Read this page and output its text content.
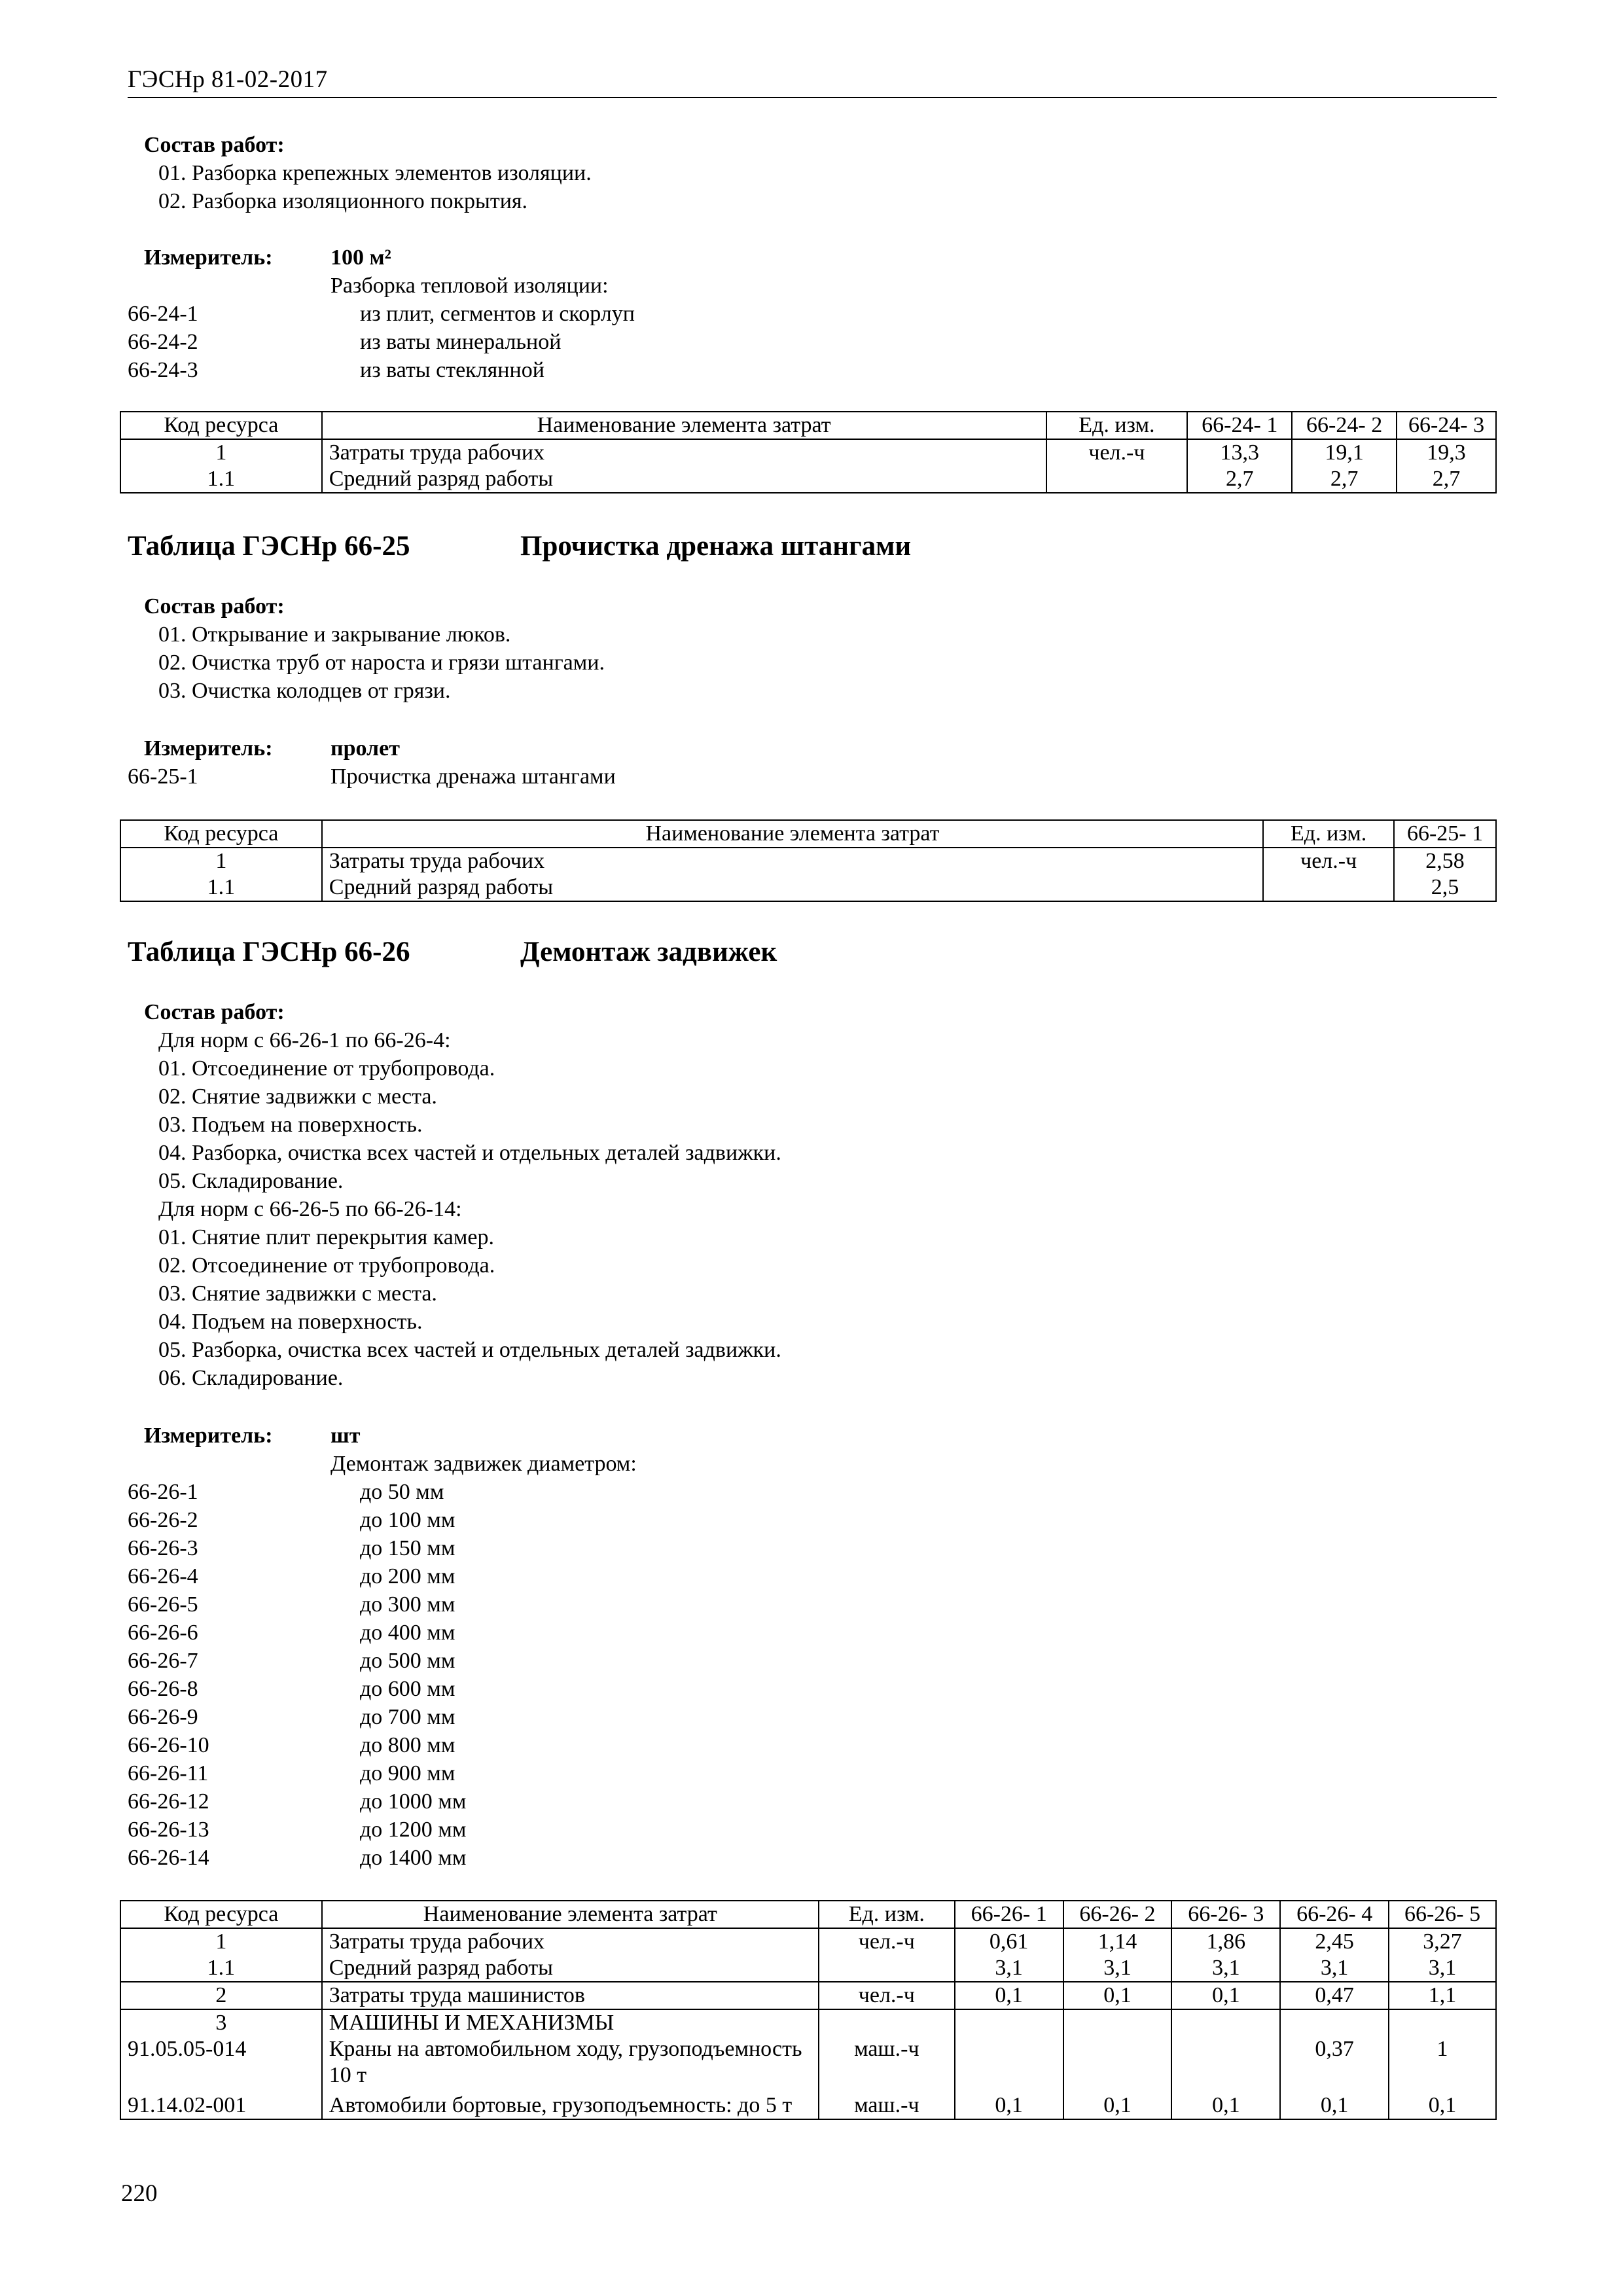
ГЭСНр 81-02-2017
Состав работ:
01. Разборка крепежных элементов изоляции.
02. Разборка изоляционного покрытия.
Измеритель:	100 м²
Разборка тепловой изоляции:
66-24-1	из плит, сегментов и скорлуп
66-24-2	из ваты минеральной
66-24-3	из ваты стеклянной
Код ресурса	Наименование элемента затрат	Ед. изм.	66-24- 1	66-24- 2	66-24- 3
1	Затраты труда рабочих	чел.-ч	13,3	19,1	19,3
1.1	Средний разряд работы		2,7	2,7	2,7
Таблица ГЭСНр 66-25	Прочистка дренажа штангами
Состав работ:
01. Открывание и закрывание люков.
02. Очистка труб от нароста и грязи штангами.
03. Очистка колодцев от грязи.
Измеритель:	пролет
66-25-1	Прочистка дренажа штангами
Код ресурса	Наименование элемента затрат	Ед. изм.	66-25- 1
1	Затраты труда рабочих	чел.-ч	2,58
1.1	Средний разряд работы		2,5
Таблица ГЭСНр 66-26	Демонтаж задвижек
Состав работ:
Для норм с 66-26-1 по 66-26-4:
01. Отсоединение от трубопровода.
02. Снятие задвижки с места.
03. Подъем на поверхность.
04. Разборка, очистка всех частей и отдельных деталей задвижки.
05. Складирование.
Для норм с 66-26-5 по 66-26-14:
01. Снятие плит перекрытия камер.
02. Отсоединение от трубопровода.
03. Снятие задвижки с места.
04. Подъем на поверхность.
05. Разборка, очистка всех частей и отдельных деталей задвижки.
06. Складирование.
Измеритель:	шт
Демонтаж задвижек диаметром:
66-26-1	до 50 мм
66-26-2	до 100 мм
66-26-3	до 150 мм
66-26-4	до 200 мм
66-26-5	до 300 мм
66-26-6	до 400 мм
66-26-7	до 500 мм
66-26-8	до 600 мм
66-26-9	до 700 мм
66-26-10	до 800 мм
66-26-11	до 900 мм
66-26-12	до 1000 мм
66-26-13	до 1200 мм
66-26-14	до 1400 мм
Код ресурса	Наименование элемента затрат	Ед. изм.	66-26- 1	66-26- 2	66-26- 3	66-26- 4	66-26- 5
1	Затраты труда рабочих	чел.-ч	0,61	1,14	1,86	2,45	3,27
1.1	Средний разряд работы		3,1	3,1	3,1	3,1	3,1
2	Затраты труда машинистов	чел.-ч	0,1	0,1	0,1	0,47	1,1
3	МАШИНЫ И МЕХАНИЗМЫ						
91.05.05-014	Краны на автомобильном ходу, грузоподъемность 10 т	маш.-ч				0,37	1
91.14.02-001	Автомобили бортовые, грузоподъемность: до 5 т	маш.-ч	0,1	0,1	0,1	0,1	0,1
220
